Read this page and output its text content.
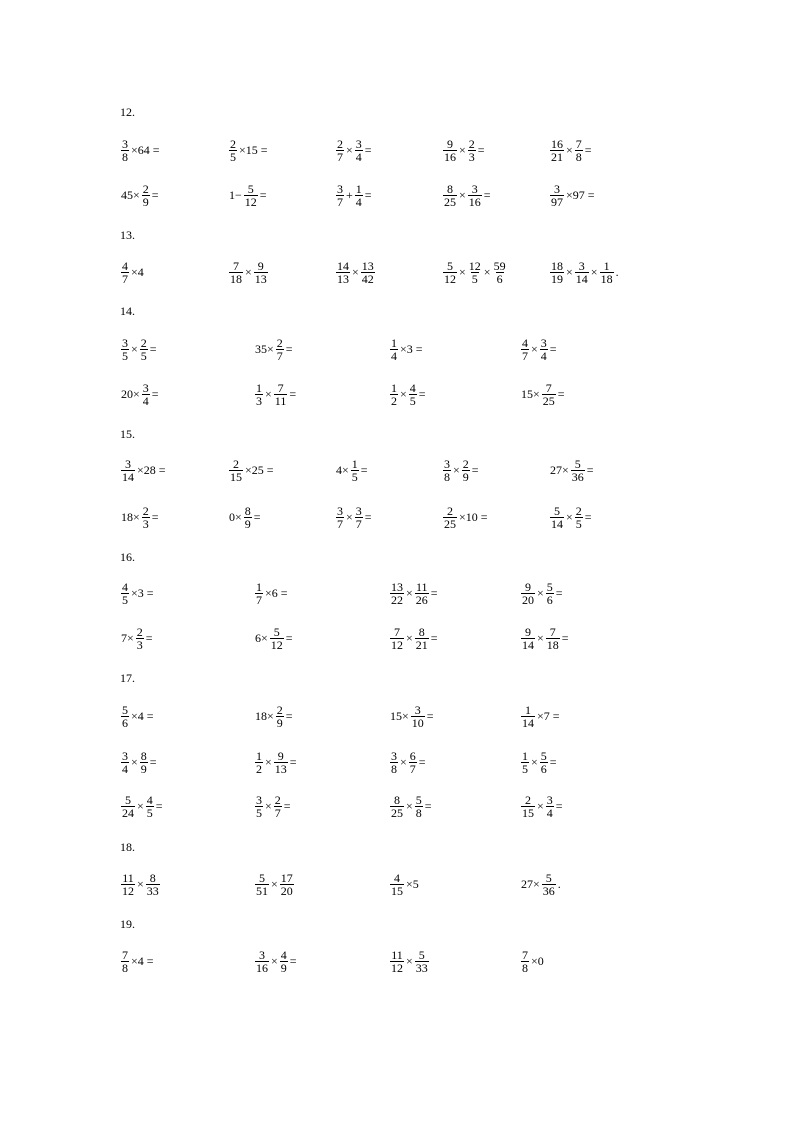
12.
$\frac{3}{8} \times 64$ =	$\frac{2}{5} \times 15$ =	$\frac{2}{7} \times \frac{3}{4}$ =	$\frac{9}{16} \times \frac{2}{3}$ =	$\frac{16}{21} \times \frac{7}{8}$ =
$45\times \frac{2}{9}$ =	$1- \frac{5}{12}$ =	$\frac{3}{7} + \frac{1}{4}$ =	$\frac{8}{25} \times \frac{3}{16}$ =	$\frac{3}{97} \times 97$ =
13.
$\frac{4}{7} \times 4$	$\frac{7}{18} \times \frac{9}{13}$	$\frac{14}{13} \times \frac{13}{42}$	$\frac{5}{12} \times \frac{12}{5} \times \frac{59}{6}$	$\frac{18}{19} \times \frac{3}{14} \times \frac{1}{18}$ .
14.
$\frac{3}{5} \times \frac{2}{5}$ =	$35\times \frac{2}{7}$ =	$\frac{1}{4} \times 3$ =	$\frac{4}{7} \times \frac{3}{4}$ =
$20\times \frac{3}{4}$ =	$\frac{1}{3} \times \frac{7}{11}$ =	$\frac{1}{2} \times \frac{4}{5}$ =	$15\times \frac{7}{25}$ =
15.
$\frac{3}{14} \times 28$ =	$\frac{2}{15} \times 25$ =	$4\times \frac{1}{5}$ =	$\frac{3}{8} \times \frac{2}{9}$ =	$27\times \frac{5}{36}$ =
$18\times \frac{2}{3}$ =	$0\times \frac{8}{9}$ =	$\frac{3}{7} \times \frac{3}{7}$ =	$\frac{2}{25} \times 10$ =	$\frac{5}{14} \times \frac{2}{5}$ =
16.
$\frac{4}{5} \times 3$ =	$\frac{1}{7} \times 6$ =	$\frac{13}{22} \times \frac{11}{26}$ =	$\frac{9}{20} \times \frac{5}{6}$ =
$7\times \frac{2}{3}$ =	$6\times \frac{5}{12}$ =	$\frac{7}{12} \times \frac{8}{21}$ =	$\frac{9}{14} \times \frac{7}{18}$ =
17.
$\frac{5}{6} \times 4$ =	$18\times \frac{2}{9}$ =	$15\times \frac{3}{10}$ =	$\frac{1}{14} \times 7$ =
$\frac{3}{4} \times \frac{8}{9}$ =	$\frac{1}{2} \times \frac{9}{13}$ =	$\frac{3}{8} \times \frac{6}{7}$ =	$\frac{1}{5} \times \frac{5}{6}$ =
$\frac{5}{24} \times \frac{4}{5}$ =	$\frac{3}{5} \times \frac{2}{7}$ =	$\frac{8}{25} \times \frac{5}{8}$ =	$\frac{2}{15} \times \frac{3}{4}$ =
18.
$\frac{11}{12} \times \frac{8}{33}$	$\frac{5}{51} \times \frac{17}{20}$	$\frac{4}{15} \times 5$	$27\times \frac{5}{36}$ .
19.
$\frac{7}{8} \times 4$ =	$\frac{3}{16} \times \frac{4}{9}$ =	$\frac{11}{12} \times \frac{5}{33}$	$\frac{7}{8} \times 0$
